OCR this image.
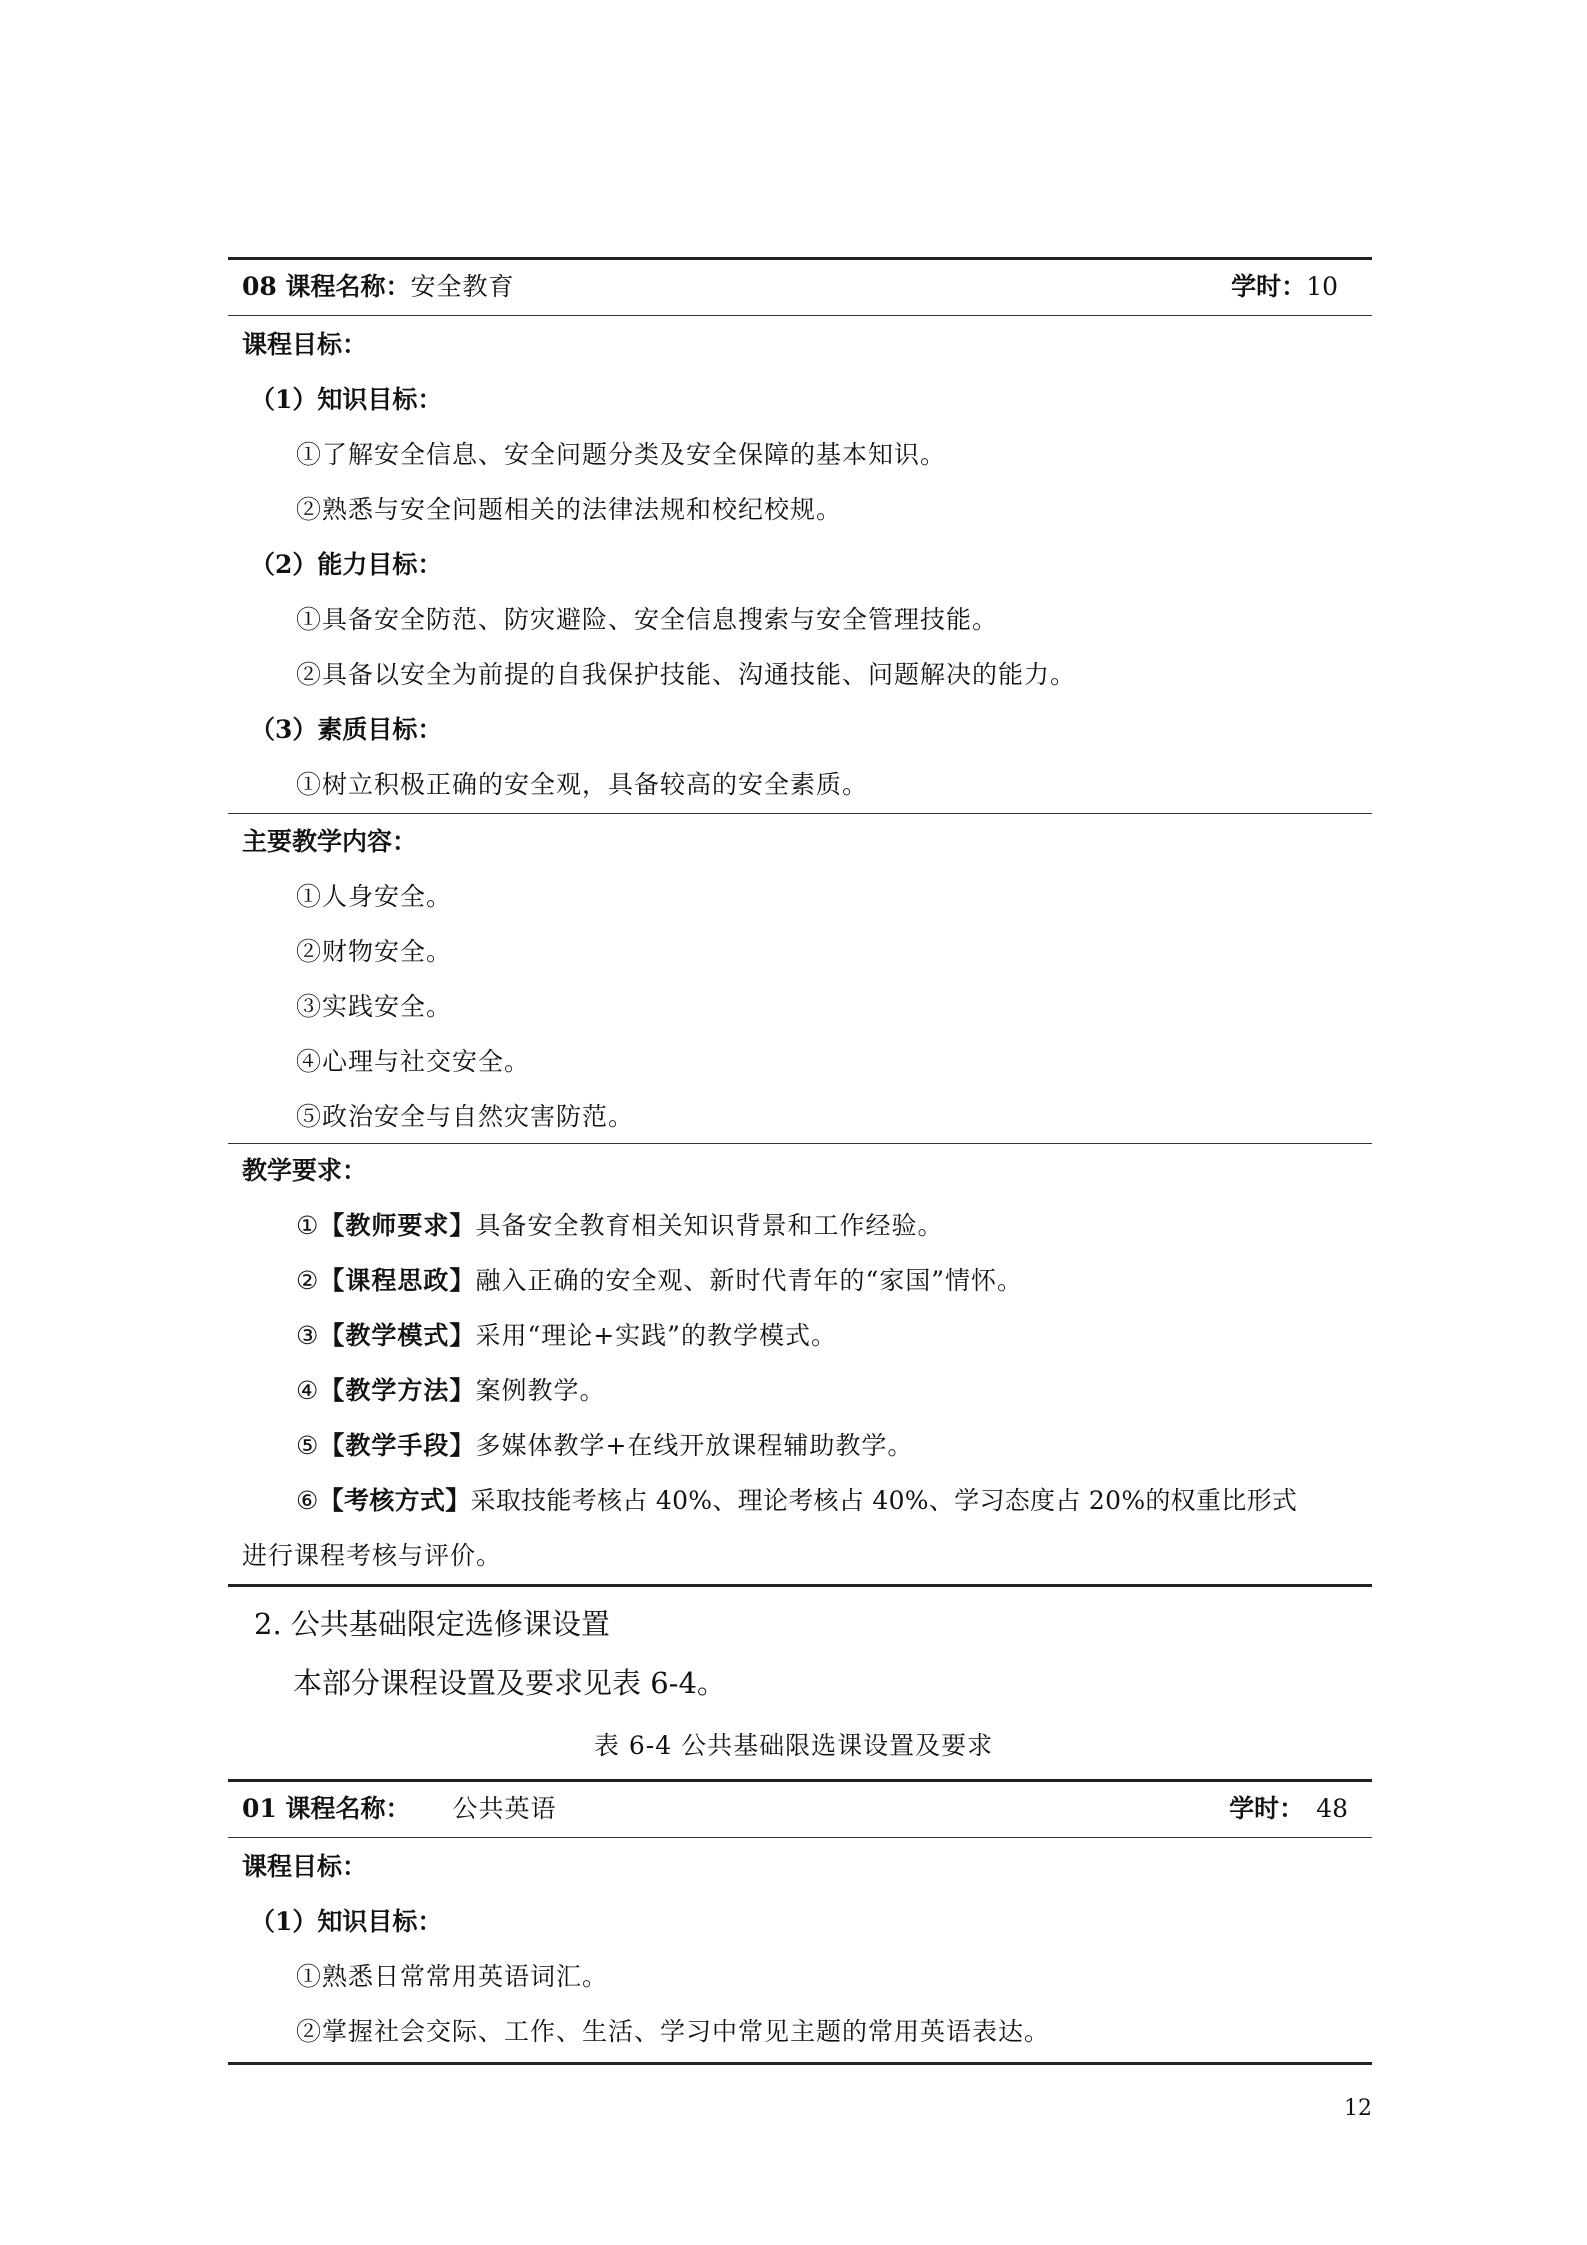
08 课程名称：安全教育	学时：10
课程目标：
（1）知识目标：
①了解安全信息、安全问题分类及安全保障的基本知识。
②熟悉与安全问题相关的法律法规和校纪校规。
（2）能力目标：
①具备安全防范、防灾避险、安全信息搜索与安全管理技能。
②具备以安全为前提的自我保护技能、沟通技能、问题解决的能力。
（3）素质目标：
①树立积极正确的安全观，具备较高的安全素质。
主要教学内容：
①人身安全。
②财物安全。
③实践安全。
④心理与社交安全。
⑤政治安全与自然灾害防范。
教学要求：
①【教师要求】具备安全教育相关知识背景和工作经验。
②【课程思政】融入正确的安全观、新时代青年的“家国”情怀。
③【教学模式】采用“理论+实践”的教学模式。
④【教学方法】案例教学。
⑤【教学手段】多媒体教学+在线开放课程辅助教学。
⑥【考核方式】采取技能考核占 40%、理论考核占 40%、学习态度占 20%的权重比形式
进行课程考核与评价。
2. 公共基础限定选修课设置
本部分课程设置及要求见表 6-4。
表 6-4 公共基础限选课设置及要求
01 课程名称： 公共英语	学时： 48
课程目标：
（1）知识目标：
①熟悉日常常用英语词汇。
②掌握社会交际、工作、生活、学习中常见主题的常用英语表达。
12
